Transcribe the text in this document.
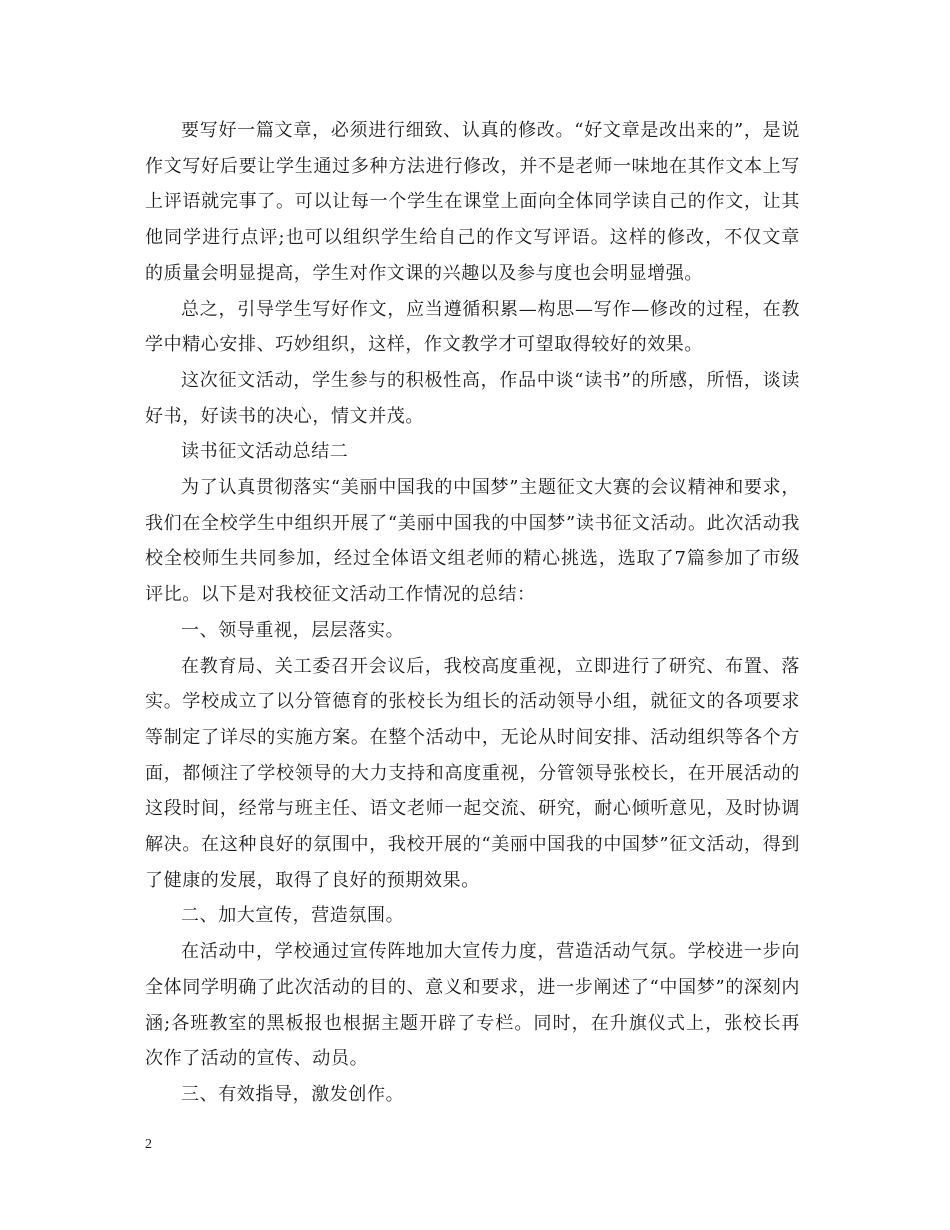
要写好一篇文章，必须进行细致、认真的修改。“好文章是改出来的”，是说作文写好后要让学生通过多种方法进行修改，并不是老师一味地在其作文本上写上评语就完事了。可以让每一个学生在课堂上面向全体同学读自己的作文，让其他同学进行点评;也可以组织学生给自己的作文写评语。这样的修改，不仅文章的质量会明显提高，学生对作文课的兴趣以及参与度也会明显增强。

总之，引导学生写好作文，应当遵循积累—构思—写作—修改的过程，在教学中精心安排、巧妙组织，这样，作文教学才可望取得较好的效果。

这次征文活动，学生参与的积极性高，作品中谈“读书”的所感，所悟，谈读好书，好读书的决心，情文并茂。

读书征文活动总结二

为了认真贯彻落实“美丽中国我的中国梦”主题征文大赛的会议精神和要求，我们在全校学生中组织开展了“美丽中国我的中国梦”读书征文活动。此次活动我校全校师生共同参加，经过全体语文组老师的精心挑选，选取了7篇参加了市级评比。以下是对我校征文活动工作情况的总结：

一、领导重视，层层落实。

在教育局、关工委召开会议后，我校高度重视，立即进行了研究、布置、落实。学校成立了以分管德育的张校长为组长的活动领导小组，就征文的各项要求等制定了详尽的实施方案。在整个活动中，无论从时间安排、活动组织等各个方面，都倾注了学校领导的大力支持和高度重视，分管领导张校长，在开展活动的这段时间，经常与班主任、语文老师一起交流、研究，耐心倾听意见，及时协调解决。在这种良好的氛围中，我校开展的“美丽中国我的中国梦”征文活动，得到了健康的发展，取得了良好的预期效果。

二、加大宣传，营造氛围。

在活动中，学校通过宣传阵地加大宣传力度，营造活动气氛。学校进一步向全体同学明确了此次活动的目的、意义和要求，进一步阐述了“中国梦”的深刻内涵;各班教室的黑板报也根据主题开辟了专栏。同时，在升旗仪式上，张校长再次作了活动的宣传、动员。

三、有效指导，激发创作。

2
